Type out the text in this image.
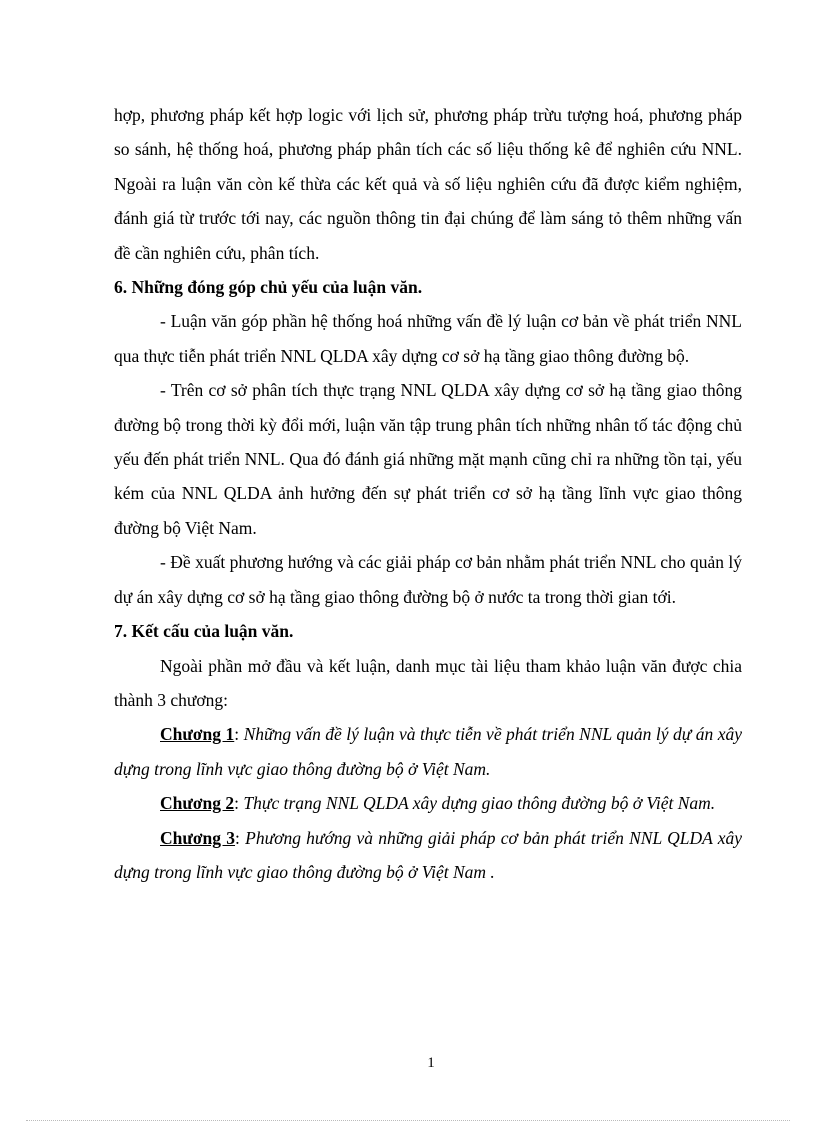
hợp, phương pháp kết hợp logic với lịch sử, phương pháp trừu tượng hoá, phương pháp so sánh, hệ thống hoá, phương pháp phân tích các số liệu thống kê để nghiên cứu NNL. Ngoài ra luận văn còn kế thừa các kết quả và số liệu nghiên cứu đã được kiểm nghiệm, đánh giá từ trước tới nay, các nguồn thông tin đại chúng để làm sáng tỏ thêm những vấn đề cần nghiên cứu, phân tích.

6. Những đóng góp chủ yếu của luận văn.

- Luận văn góp phần hệ thống hoá những vấn đề lý luận cơ bản về phát triển NNL qua thực tiễn phát triển NNL QLDA xây dựng cơ sở hạ tầng giao thông đường bộ.

- Trên cơ sở phân tích thực trạng NNL QLDA xây dựng cơ sở hạ tầng giao thông đường bộ trong thời kỳ đổi mới, luận văn tập trung phân tích những nhân tố tác động chủ yếu đến phát triển NNL. Qua đó đánh giá những mặt mạnh cũng chỉ ra những tồn tại, yếu kém của NNL QLDA ảnh hưởng đến sự phát triển cơ sở hạ tầng lĩnh vực giao thông đường bộ Việt Nam.

- Đề xuất phương hướng và các giải pháp cơ bản nhằm phát triển NNL cho quản lý dự án xây dựng cơ sở hạ tầng giao thông đường bộ ở nước ta trong thời gian tới.

7. Kết cấu của luận văn.

Ngoài phần mở đầu và kết luận, danh mục tài liệu tham khảo luận văn được chia thành 3 chương:

Chương 1: Những vấn đề lý luận và thực tiễn về phát triển NNL quản lý dự án xây dựng trong lĩnh vực giao thông đường bộ ở Việt Nam.

Chương 2: Thực trạng NNL QLDA xây dựng giao thông đường bộ ở Việt Nam.

Chương 3: Phương hướng và những giải pháp cơ bản phát triển NNL QLDA xây dựng trong lĩnh vực giao thông đường bộ ở Việt Nam .

1
